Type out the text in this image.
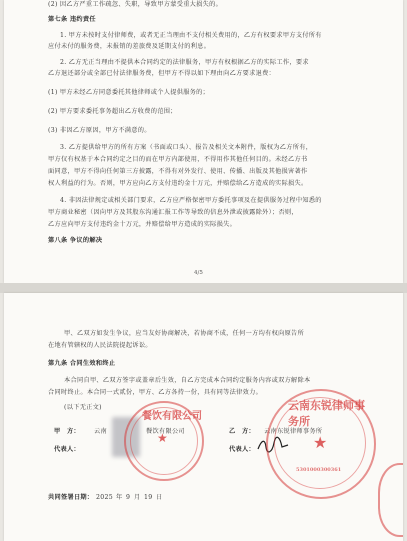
(2) 因乙方严重工作疏忽、失职，导致甲方蒙受重大损失的。
第七条 违约责任
1. 甲方未按时支付律师费，或者无正当理由不支付相关费用的，乙方有权要求甲方支付所有
应付未付的服务费，未报销的差旅费及延期支付的利息。
2. 乙方无正当理由不提供本合同约定的法律服务，甲方有权根据乙方的实际工作，要求
乙方退还部分或全部已付法律服务费，但甲方不得以如下理由向乙方要求退费：
(1) 甲方未经乙方同意委托其他律师或个人提供服务的；
(2) 甲方要求委托事务超出乙方收费的范围；
(3) 非因乙方原因，甲方不满意的。
3. 乙方提供给甲方的所有方案（书面或口头）、报告及相关文本附件，版权为乙方所有，
甲方仅有权基于本合同约定之目的而在甲方内部使用，不得用作其他任何目的。未经乙方书
面同意，甲方不得向任何第三方披露，不得有对外发行、使用、传播、出版及其他损害著作
权人利益的行为。否则，甲方应向乙方支付违约金十万元，并赔偿给乙方造成的实际损失。
4. 非因法律规定或相关部门要求，乙方应严格保密甲方委托事项及在提供服务过程中知悉的
甲方商业秘密（因向甲方及其股东沟通汇报工作等导致的信息外泄或披露除外）；否则，
乙方应向甲方支付违约金十万元，并赔偿给甲方造成的实际损失。
第八条 争议的解决
4/5
甲、乙双方如发生争议，应当友好协商解决，若协商不成，任何一方均有权向原告所
在地有管辖权的人民法院提起诉讼。
第九条 合同生效和终止
本合同自甲、乙双方签字或盖章后生效，自乙方完成本合同约定服务内容或双方解除本
合同时终止。本合同一式贰份，甲方、乙方各持一份，具有同等法律效力。
(以下无正文)
甲　方： 云南	餐饮有限公司
代表人：
餐饮有限公司
★	乙　方： 云南东锐律师事务所
代表人：
云南东锐律师事务所
★
5301000300361
共同签署日期： 2025 年 9 月 19 日
